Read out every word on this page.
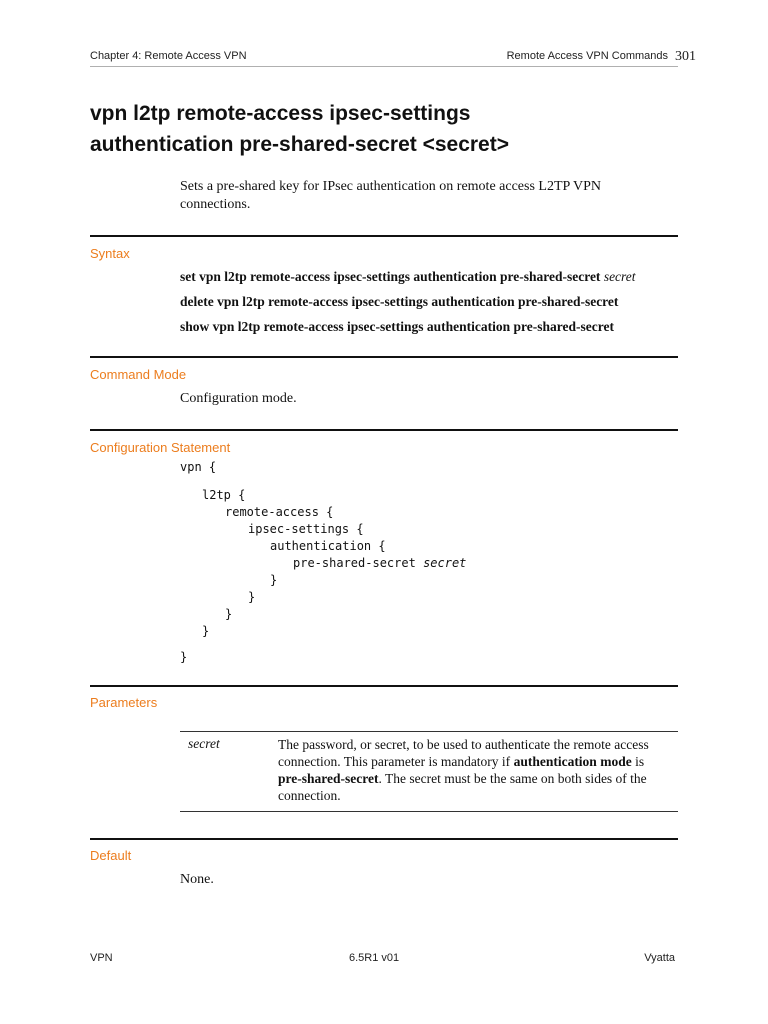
Chapter 4: Remote Access VPN	Remote Access VPN Commands 301
vpn l2tp remote-access ipsec-settings
authentication pre-shared-secret <secret>
Sets a pre-shared key for IPsec authentication on remote access L2TP VPN
connections.
Syntax
set vpn l2tp remote-access ipsec-settings authentication pre-shared-secret secret
delete vpn l2tp remote-access ipsec-settings authentication pre-shared-secret
show vpn l2tp remote-access ipsec-settings authentication pre-shared-secret
Command Mode
Configuration mode.
Configuration Statement
vpn {
l2tp {
remote-access {
ipsec-settings {
authentication {
pre-shared-secret secret
}
}
}
}
}
Parameters
secret	The password, or secret, to be used to authenticate the remote access connection. This parameter is mandatory if authentication mode is pre-shared-secret. The secret must be the same on both sides of the connection.
Default
None.
VPN	6.5R1 v01	Vyatta
